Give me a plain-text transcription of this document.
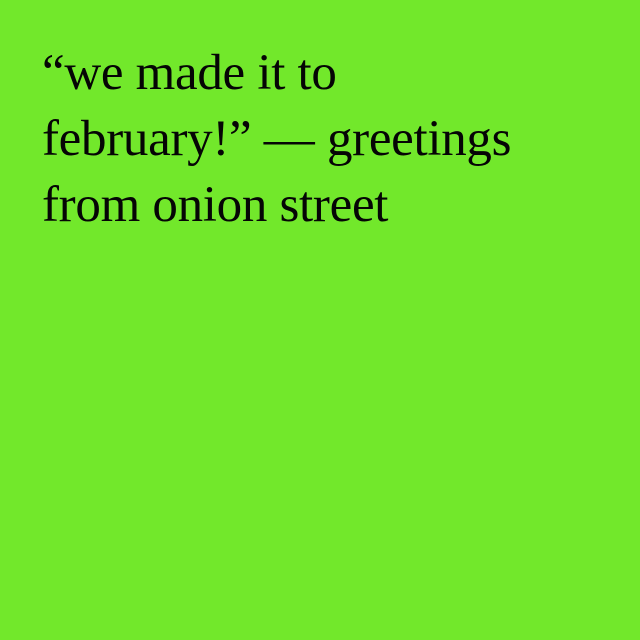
“we made it to
february!” — greetings
from onion street
